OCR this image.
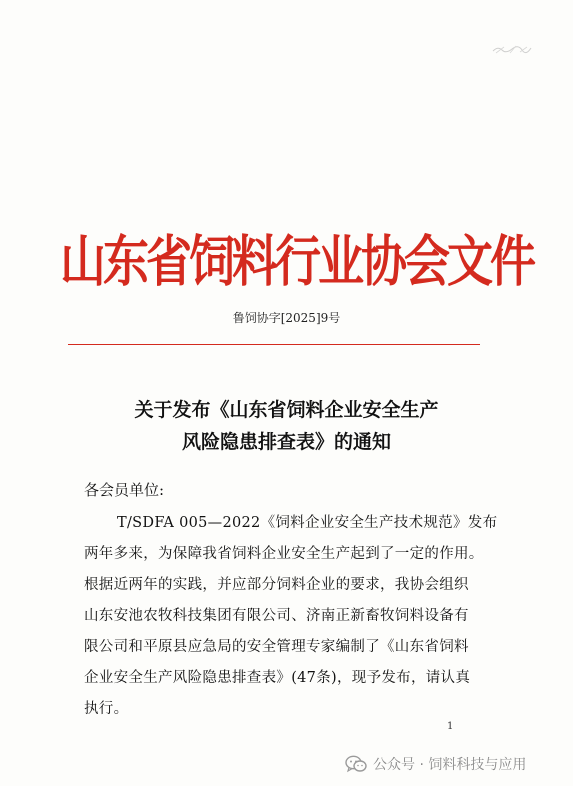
山东省饲料行业协会文件
鲁饲协字[2025]9号
关于发布《山东省饲料企业安全生产
风险隐患排查表》的通知
各会员单位:
T/SDFA 005—2022《饲料企业安全生产技术规范》发布
两年多来，为保障我省饲料企业安全生产起到了一定的作用。
根据近两年的实践，并应部分饲料企业的要求，我协会组织
山东安池农牧科技集团有限公司、济南正新畜牧饲料设备有
限公司和平原县应急局的安全管理专家编制了《山东省饲料
企业安全生产风险隐患排查表》(47条)，现予发布，请认真
执行。
1
公众号 · 饲料科技与应用
